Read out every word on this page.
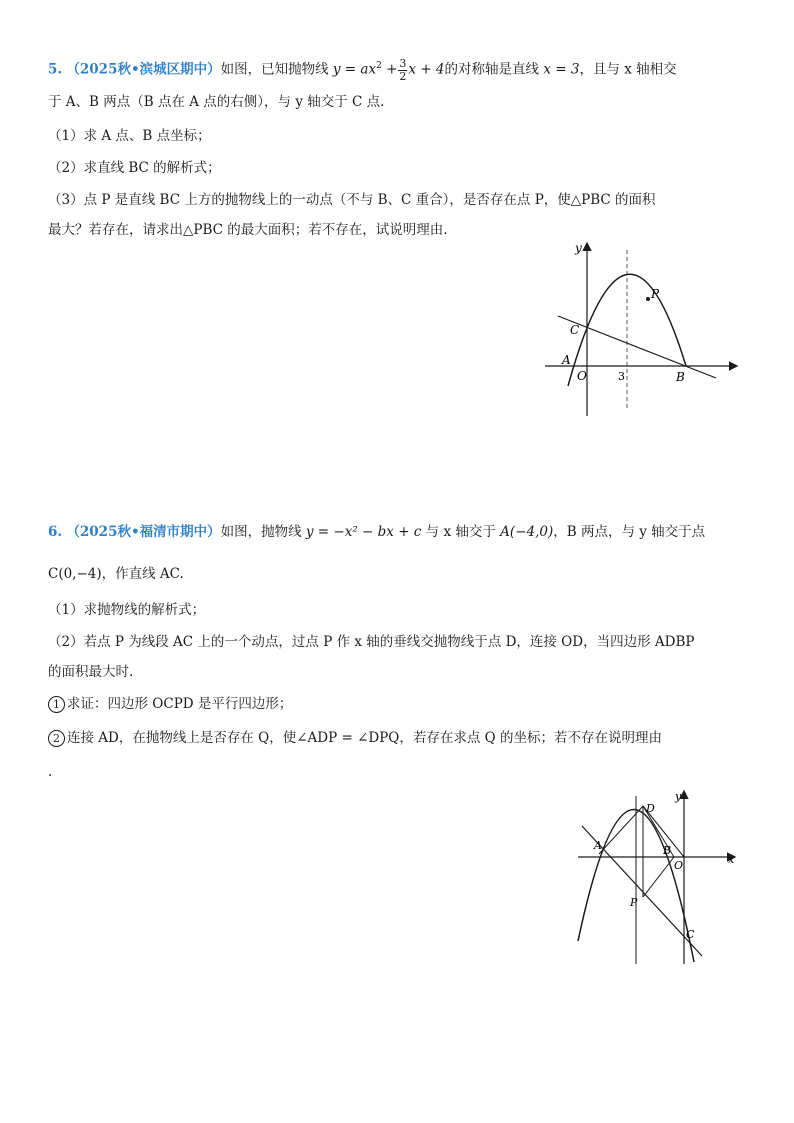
5. （2025秋•滨城区期中）如图，已知抛物线 $y = ax^2 + \frac{3}{2}$ x + 4的对称轴是直线 x = 3，且与 x 轴相交
于 A、B 两点（B 点在 A 点的右侧），与 y 轴交于 C 点.
（1）求 A 点、B 点坐标；
（2）求直线 BC 的解析式；
（3）点 P 是直线 BC 上方的抛物线上的一动点（不与 B、C 重合），是否存在点 P，使△PBC 的面积
最大？若存在，请求出△PBC 的最大面积；若不存在，试说明理由.
y
C
A
O	3	B
P
6. （2025秋•福清市期中）如图，抛物线 y = −x² − bx + c 与 x 轴交于 A(−4,0)，B 两点，与 y 轴交于点
C(0,−4)，作直线 AC.
（1）求抛物线的解析式；
（2）若点 P 为线段 AC 上的一个动点，过点 P 作 x 轴的垂线交抛物线于点 D，连接 OD，当四边形 ADBP
的面积最大时.
1 求证：四边形 OCPD 是平行四边形；
2 连接 AD，在抛物线上是否存在 Q，使∠ADP = ∠DPQ，若存在求点 Q 的坐标；若不存在说明理由
.
y
D
A	B
O	x
P
C
